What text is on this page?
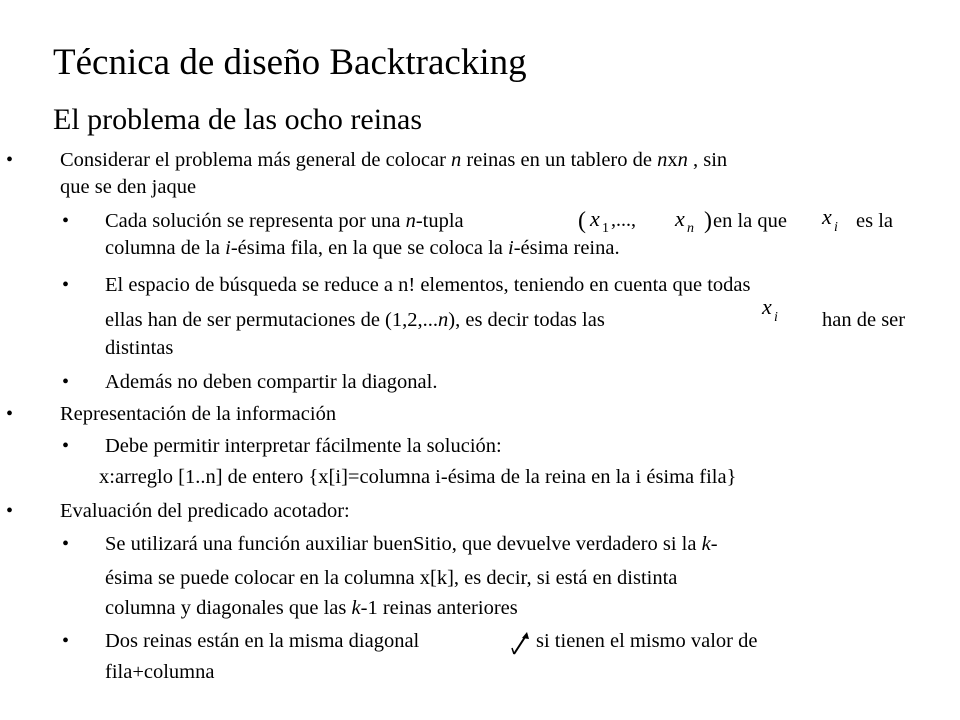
Técnica de diseño Backtracking
El problema de las ocho reinas
• Considerar el problema más general de colocar n reinas en un tablero de nxn , sin
que se den jaque
• Cada solución se representa por una n-tupla	( x 1 ,..., x n ) en la que x i es la
columna de la i-ésima fila, en la que se coloca la i-ésima reina.
• El espacio de búsqueda se reduce a n! elementos, teniendo en cuenta que todas
ellas han de ser permutaciones de (1,2,...n), es decir todas las
x i han de ser
distintas
• Además no deben compartir la diagonal.
• Representación de la información
• Debe permitir interpretar fácilmente la solución:
x:arreglo [1..n] de entero {x[i]=columna i-ésima de la reina en la i ésima fila}
• Evaluación del predicado acotador:
• Se utilizará una función auxiliar buenSitio, que devuelve verdadero si la k-
ésima se puede colocar en la columna x[k], es decir, si está en distinta
columna y diagonales que las k-1 reinas anteriores
• Dos reinas están en la misma diagonal	si tienen el mismo valor de
fila+columna
